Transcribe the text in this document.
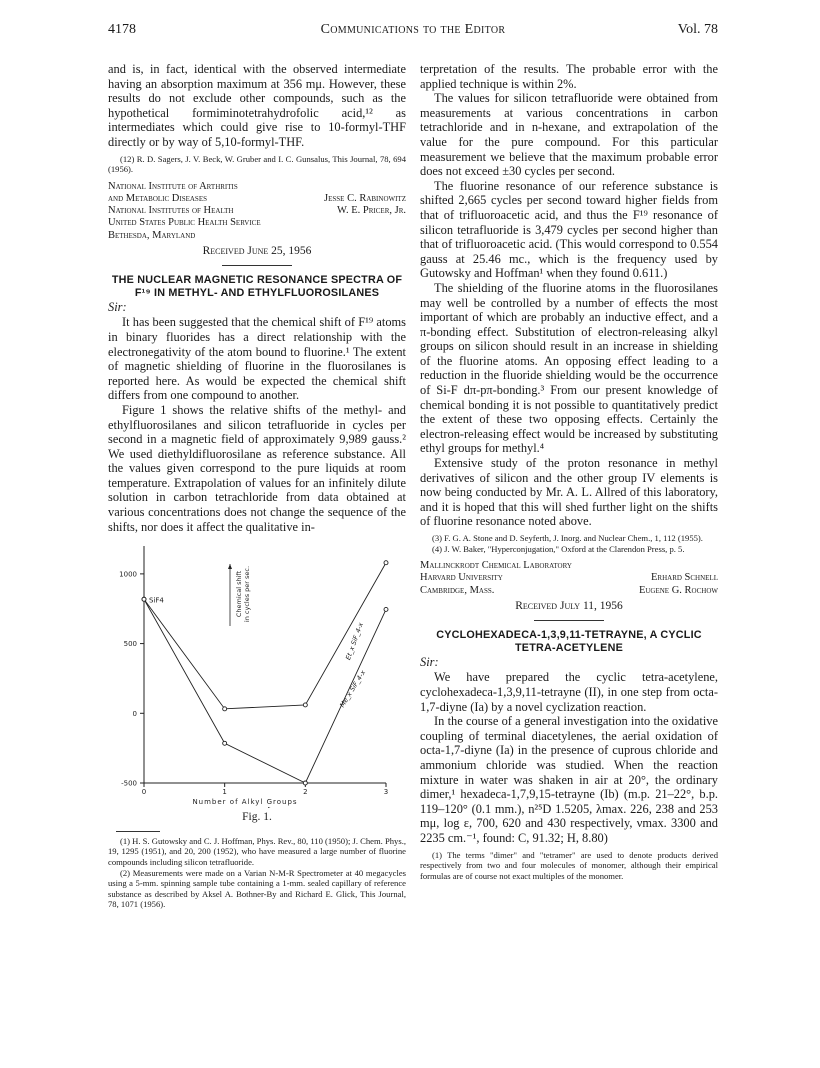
4178	Communications to the Editor	Vol. 78

and is, in fact, identical with the observed intermediate having an absorption maximum at 356 mμ. However, these results do not exclude other compounds, such as the hypothetical formiminotetrahydrofolic acid,¹² as intermediates which could give rise to 10-formyl-THF directly or by way of 5,10-formyl-THF.

(12) R. D. Sagers, J. V. Beck, W. Gruber and I. C. Gunsalus, This Journal, 78, 694 (1956).

National Institute of Arthritis
and Metabolic Diseases	Jesse C. Rabinowitz
National Institutes of Health	W. E. Pricer, Jr.
United States Public Health Service
Bethesda, Maryland
Received June 25, 1956
THE NUCLEAR MAGNETIC RESONANCE SPECTRA OF F¹⁹ IN METHYL- AND ETHYLFLUOROSILANES
Sir:

It has been suggested that the chemical shift of F¹⁹ atoms in binary fluorides has a direct relationship with the electronegativity of the atom bound to fluorine.¹ The extent of magnetic shielding of fluorine in the fluorosilanes is reported here. As would be expected the chemical shift differs from one compound to another.

Figure 1 shows the relative shifts of the methyl- and ethylfluorosilanes and silicon tetrafluoride in cycles per second in a magnetic field of approximately 9,989 gauss.² We used diethyldifluorosilane as reference substance. All the values given correspond to the pure liquids at room temperature. Extrapolation of values for an infinitely dilute solution in carbon tetrachloride from data obtained at various concentrations does not change the sequence of the shifts, nor does it affect the qualitative in-

1000
500
0
-500
0	1	2	3
Number of Alkyl Groups
Chemical shift in cycles per sec.
SiF4
Et_x SiF_4-x
Me_x SiF_4-x
Fig. 1.

(1) H. S. Gutowsky and C. J. Hoffman, Phys. Rev., 80, 110 (1950); J. Chem. Phys., 19, 1295 (1951), and 20, 200 (1952), who have measured a large number of fluorine compounds including silicon tetrafluoride.

(2) Measurements were made on a Varian N-M-R Spectrometer at 40 megacycles using a 5-mm. spinning sample tube containing a 1-mm. sealed capillary of reference substance as described by Aksel A. Bothner-By and Richard E. Glick, This Journal, 78, 1071 (1956).

terpretation of the results. The probable error with the applied technique is within 2%.

The values for silicon tetrafluoride were obtained from measurements at various concentrations in carbon tetrachloride and in n-hexane, and extrapolation of the value for the pure compound. For this particular measurement we believe that the maximum probable error does not exceed ±30 cycles per second.

The fluorine resonance of our reference substance is shifted 2,665 cycles per second toward higher fields from that of trifluoroacetic acid, and thus the F¹⁹ resonance of silicon tetrafluoride is 3,479 cycles per second higher than that of trifluoroacetic acid. (This would correspond to 0.554 gauss at 25.46 mc., which is the frequency used by Gutowsky and Hoffman¹ when they found 0.611.)

The shielding of the fluorine atoms in the fluorosilanes may well be controlled by a number of effects the most important of which are probably an inductive effect, and a π-bonding effect. Substitution of electron-releasing alkyl groups on silicon should result in an increase in shielding of the fluorine atoms. An opposing effect leading to a reduction in the fluoride shielding would be the occurrence of Si-F dπ-pπ-bonding.³ From our present knowledge of chemical bonding it is not possible to quantitatively predict the extent of these two opposing effects. Certainly the electron-releasing effect would be increased by substituting ethyl groups for methyl.⁴

Extensive study of the proton resonance in methyl derivatives of silicon and the other group IV elements is now being conducted by Mr. A. L. Allred of this laboratory, and it is hoped that this will shed further light on the shifts of fluorine resonance noted above.

(3) F. G. A. Stone and D. Seyferth, J. Inorg. and Nuclear Chem., 1, 112 (1955).

(4) J. W. Baker, "Hyperconjugation," Oxford at the Clarendon Press, p. 5.

Mallinckrodt Chemical Laboratory
Harvard University	Erhard Schnell
Cambridge, Mass.	Eugene G. Rochow
Received July 11, 1956
CYCLOHEXADECA-1,3,9,11-TETRAYNE, A CYCLIC TETRA-ACETYLENE
Sir:

We have prepared the cyclic tetra-acetylene, cyclohexadeca-1,3,9,11-tetrayne (II), in one step from octa-1,7-diyne (Ia) by a novel cyclization reaction.

In the course of a general investigation into the oxidative coupling of terminal diacetylenes, the aerial oxidation of octa-1,7-diyne (Ia) in the presence of cuprous chloride and ammonium chloride was studied. When the reaction mixture in water was shaken in air at 20°, the ordinary dimer,¹ hexadeca-1,7,9,15-tetrayne (Ib) (m.p. 21–22°, b.p. 119–120° (0.1 mm.), n²⁵D 1.5205, λmax. 226, 238 and 253 mμ, log ε, 700, 620 and 430 respectively, νmax. 3300 and 2235 cm.⁻¹, found: C, 91.32; H, 8.80)

(1) The terms "dimer" and "tetramer" are used to denote products derived respectively from two and four molecules of monomer, although their empirical formulas are of course not exact multiples of the monomer.
